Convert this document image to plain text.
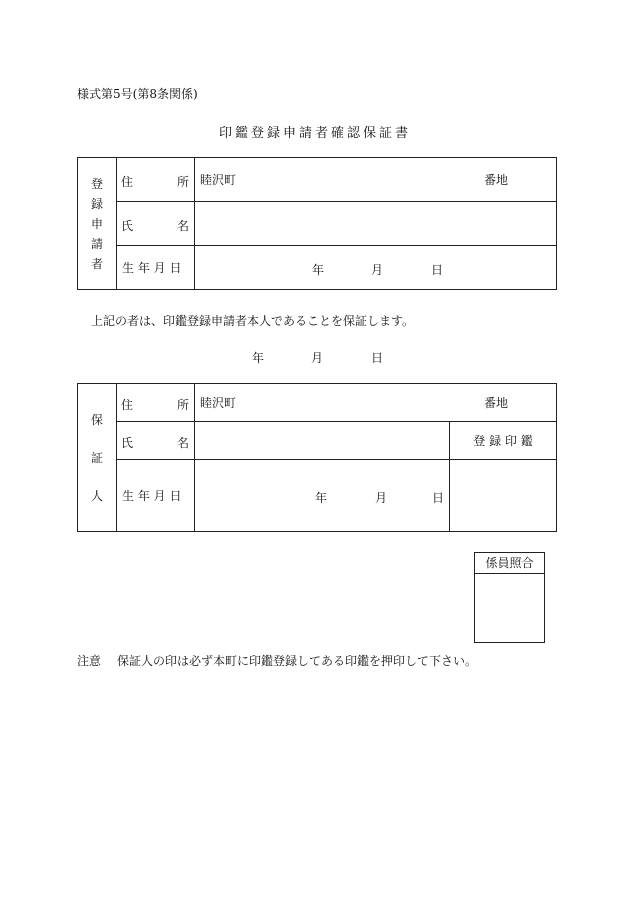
様式第5号(第8条関係)
印鑑登録申請者確認保証書
登
録
申
請
者	住 所	睦沢町 番地

	氏 名	

	生 年 月 日	年 月 日
上記の者は、印鑑登録申請者本人であることを保証します。
年	月	日
保
証
人	住 所	睦沢町 番地	

	氏 名		登 録 印 鑑
	生 年 月 日	年 月 日	

係員照合
注意 保証人の印は必ず本町に印鑑登録してある印鑑を押印して下さい。
